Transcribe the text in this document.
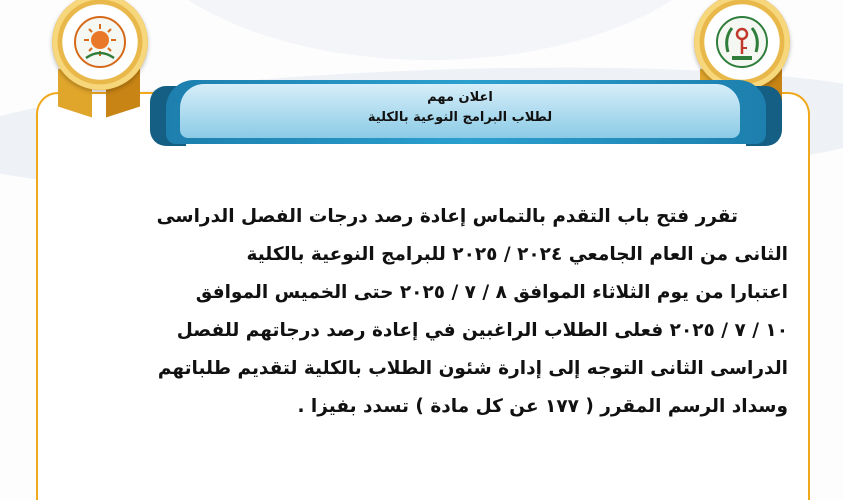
اعلان مهم
لطلاب البرامج النوعية بالكلية
تقرر فتح باب التقدم بالتماس إعادة رصد درجات الفصل الدراسى
الثانى من العام الجامعي ٢٠٢٤ / ٢٠٢٥ للبرامج النوعية بالكلية
اعتبارا من يوم الثلاثاء الموافق ٨ / ٧ / ٢٠٢٥ حتى الخميس الموافق
١٠ / ٧ / ٢٠٢٥ فعلى الطلاب الراغبين في إعادة رصد درجاتهم للفصل
الدراسى الثانى التوجه إلى إدارة شئون الطلاب بالكلية لتقديم طلباتهم
وسداد الرسم المقرر ( ١٧٧ عن كل مادة ) تسدد بفيزا .
